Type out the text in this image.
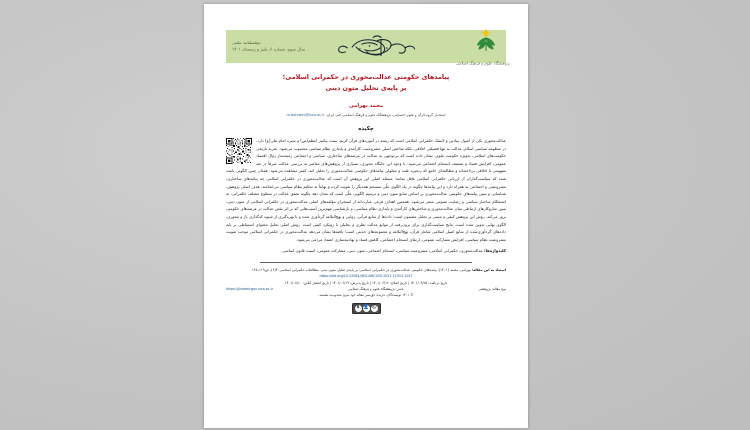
پژوهشگاه علوم و فرهنگ اسلامی
دوفصلنامه علمی
سال سوم، شماره ۶، پاییز و زمستان ۱۴۰۱
پیامدهای حکومتی عدالت‌محوری در حکمرانی اسلامی؛
بر پایه‌ی تحلیل متون دینی
محمد بهرامی
استادیار گروه قرآن و علوم اجتماعی، پژوهشگاه علوم و فرهنگ اسلامی، قم، ایران. m.bahrami@isca.ac.ir
چکیده

عدالت‌محوری یکی از اصول بنیادین و لاینفک حکمرانی اسلامی است که ریشه در آموزه‌های قرآن کریم، سنت پیامبر اعظم(ص) و سیره امام علی(ع) دارد. در منظومه سیاسی اسلام، عدالت نه تنها فضیلتی اخلاقی، بلکه شاخص اصلی مشروعیت، کارآمدی و پایداری نظام سیاسی محسوب می‌شود. تجربه تاریخی حکومت‌های اسلامی، به‌ویژه حکومت علوی، نشان داده است که بی‌توجهی به عدالت در عرصه‌های ساختاری، سیاسی و اجتماعی زمینه‌ساز زوال اقتصاد عمومی، افزایش فساد و تضعیف انسجام اجتماعی می‌شود. با وجود این جایگاه محوری، بسیاری از پژوهش‌های معاصر به بررسی عدالت صرفاً در بعد مفهومی یا اخلاقی پرداخته‌اند و مطالعه‌ای جامع که زنجیره علت و معلولی پیامدهای حکومتی عدالت‌محوری را تحلیل کند، کمتر مشاهده می‌شود. فقدان چنین الگویی باعث شده که سیاست‌گذاران از ارزیابی حکمرانی اسلامی غافل بمانند؛ مسئله اصلی این پژوهش آن است که عدالت‌محوری در حکمرانی اسلامی چه پیامدهای ساختاری، مشروعیتی و اجتماعی به همراه دارد و این پیامدها چگونه در یک الگوی علّی منسجم همدیگر را تقویت کرده و نهایتاً به تحکیم نظام سیاسی می‌انجامند. هدف اصلی پژوهش، شناسایی و تبیین پیامدهای حکومتی عدالت‌محوری بر اساس منابع متون دینی و ترسیم الگویی علّی است که نشان دهد چگونه تحقق عدالت در سطوح مختلف حکمرانی، به استحکام ساختار سیاسی و رضایت عمومی منجر می‌شود. همچنین اهداف فرعی عبارت‌اند از استخراج مؤلفه‌های اصلی عدالت‌محوری در حکمرانی اسلامی از متون دینی، تبیین سازوکارهای ارتباطی میان عدالت‌محوری و شاخص‌های کارآمدی و پایداری نظام سیاسی، و بازشناسی مهم‌ترین آسیب‌هایی که بر اثر نقض عدالت در عرصه‌های حکومتی بروز می‌کند. روش این پژوهش کیفی و مبتنی بر تحلیل مضمون است؛ داده‌ها از منابع قرآنی، روایی و نهج‌البلاغه گردآوری شده و با بهره‌گیری از شیوه کدگذاری باز و محوری، الگوی نهایی تدوین شده است. نتایج سیاست‌گذاری برای برون‌رفت از موانع عدالت نظری و تحلیلی با رویکرد کیفی است. روش اصلی تحلیل محتوای استنباطی بر پایه داده‌های گردآوری‌شده از منابع اصیل اسلامی شامل قرآن، نهج‌البلاغه و مجموعه‌های حدیثی است؛ یافته‌ها نشان می‌دهد عدالت‌محوری در حکمرانی اسلامی موجب تقویت مشروعیت نظام سیاسی، افزایش مشارکت عمومی، ارتقای انسجام اجتماعی، کاهش فساد و نهادینه‌سازی اعتماد مردمی می‌شود.

کلیدواژه‌ها: عدالت‌محوری، حکمرانی اسلامی، مشروعیت سیاسی، انسجام اجتماعی، متون دینی، مشارکت عمومی، امنیت قانون اساسی.
استناد به این مقاله: بهرامی، محمد (۱۴۰۱). پیامدهای حکومتی عدالت‌محوری در حکمرانی اسلامی؛ بر پایه‌ی تحلیل متون دینی. مطالعات حکمرانی اسلامی، ۳(۶)، ص۱۱۹-۱۴۸.
https://doi.org/10.22081/JISG.AMC020.2021.71913.1027
تاریخ دریافت: ۱۴۰۱/۰۳/۲۵ | تاریخ اصلاح: ۱۴۰۱/۰۶/۱۲ | تاریخ پذیرش: ۱۴۰۱/۰۶/۱۹ | تاریخ انتشار آنلاین: ۱۴۰۱/۰۸/۱۰
نوع مقاله: پژوهشی
ناشر: پژوهشگاه علوم و فرهنگ اسلامی
https://jislamicgov.isca.ac.ir
© ۱۴۰۱ نویسندگان. دارندهٔ حق‌نشر مقاله خود بدون محدودیت هستند.
Ⓒ
👤
$
